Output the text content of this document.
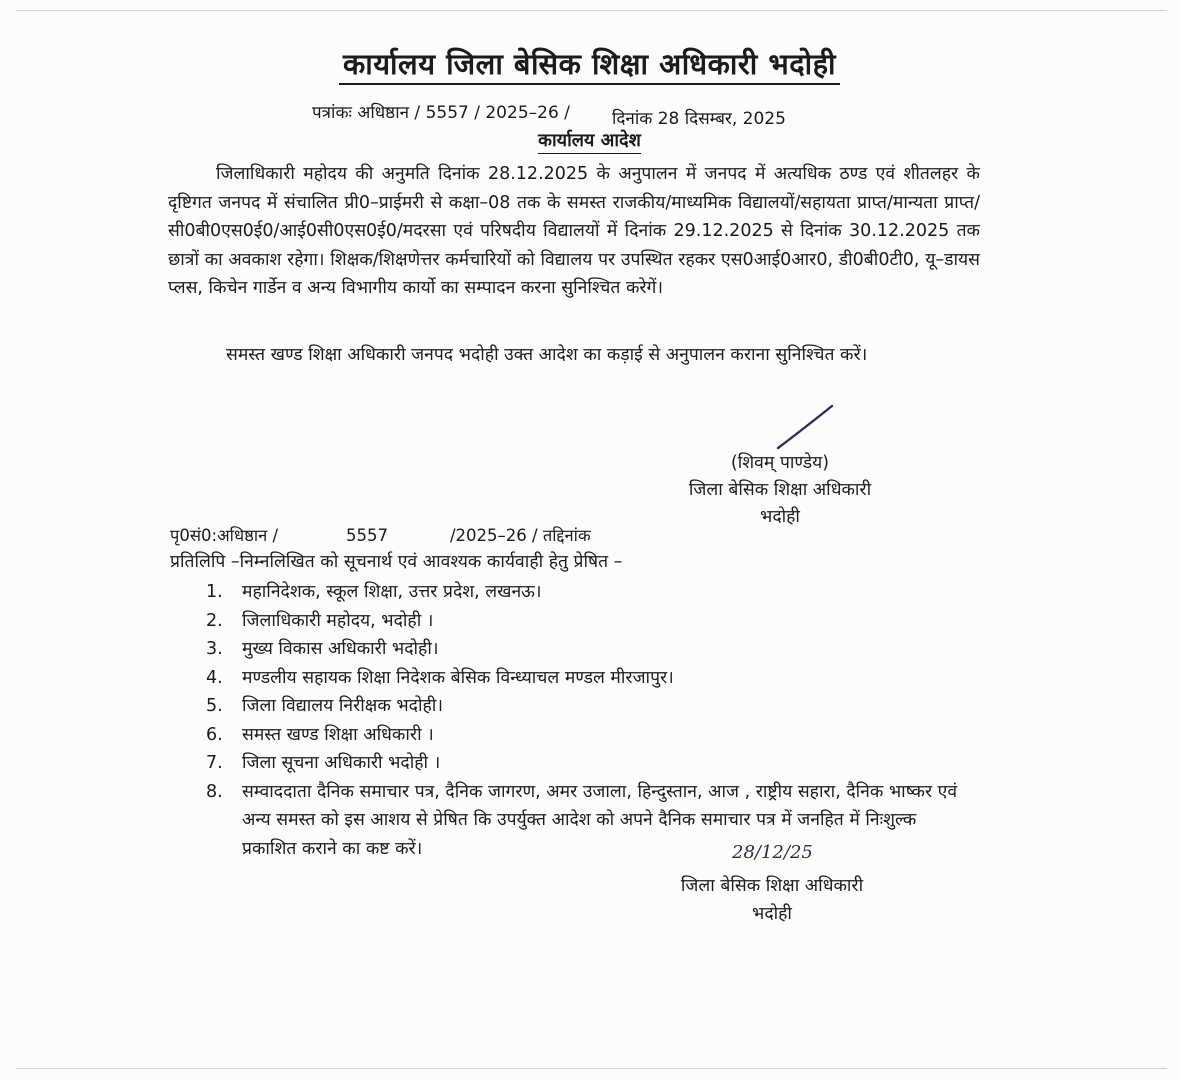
कार्यालय जिला बेसिक शिक्षा अधिकारी भदोही
पत्रांकः अधिष्ठान / 5557 / 2025–26 / दिनांक 28 दिसम्बर, 2025
कार्यालय आदेश
जिलाधिकारी महोदय की अनुमति दिनांक 28.12.2025 के अनुपालन में जनपद में अत्यधिक ठण्ड एवं शीतलहर के दृष्टिगत जनपद में संचालित प्री0–प्राईमरी से कक्षा–08 तक के समस्त राजकीय/माध्यमिक विद्यालयों/सहायता प्राप्त/मान्यता प्राप्त/सी0बी0एस0ई0/आई0सी0एस0ई0/मदरसा एवं परिषदीय विद्यालयों में दिनांक 29.12.2025 से दिनांक 30.12.2025 तक छात्रों का अवकाश रहेगा। शिक्षक/शिक्षणेत्तर कर्मचारियों को विद्यालय पर उपस्थित रहकर एस0आई0आर0, डी0बी0टी0, यू–डायस प्लस, किचेन गार्डेन व अन्य विभागीय कार्यो का सम्पादन करना सुनिश्चित करेगें।
समस्त खण्ड शिक्षा अधिकारी जनपद भदोही उक्त आदेश का कड़ाई से अनुपालन कराना सुनिश्चित करें।
(शिवम् पाण्डेय)
जिला बेसिक शिक्षा अधिकारी
भदोही
पृ0सं0:अधिष्ठान /	5557	/2025–26 / तद्दिनांक
प्रतिलिपि –निम्नलिखित को सूचनार्थ एवं आवश्यक कार्यवाही हेतु प्रेषित –
1. महानिदेशक, स्कूल शिक्षा, उत्तर प्रदेश, लखनऊ।
2. जिलाधिकारी महोदय, भदोही ।
3. मुख्य विकास अधिकारी भदोही।
4. मण्डलीय सहायक शिक्षा निदेशक बेसिक विन्ध्याचल मण्डल मीरजापुर।
5. जिला विद्यालय निरीक्षक भदोही।
6. समस्त खण्ड शिक्षा अधिकारी ।
7. जिला सूचना अधिकारी भदोही ।
8. सम्वाददाता दैनिक समाचार पत्र, दैनिक जागरण, अमर उजाला, हिन्दुस्तान, आज , राष्ट्रीय सहारा, दैनिक भाष्कर एवं अन्य समस्त को इस आशय से प्रेषित कि उपर्युक्त आदेश को अपने दैनिक समाचार पत्र में जनहित में निःशुल्क प्रकाशित कराने का कष्ट करें।	28/12/25
जिला बेसिक शिक्षा अधिकारी
भदोही
